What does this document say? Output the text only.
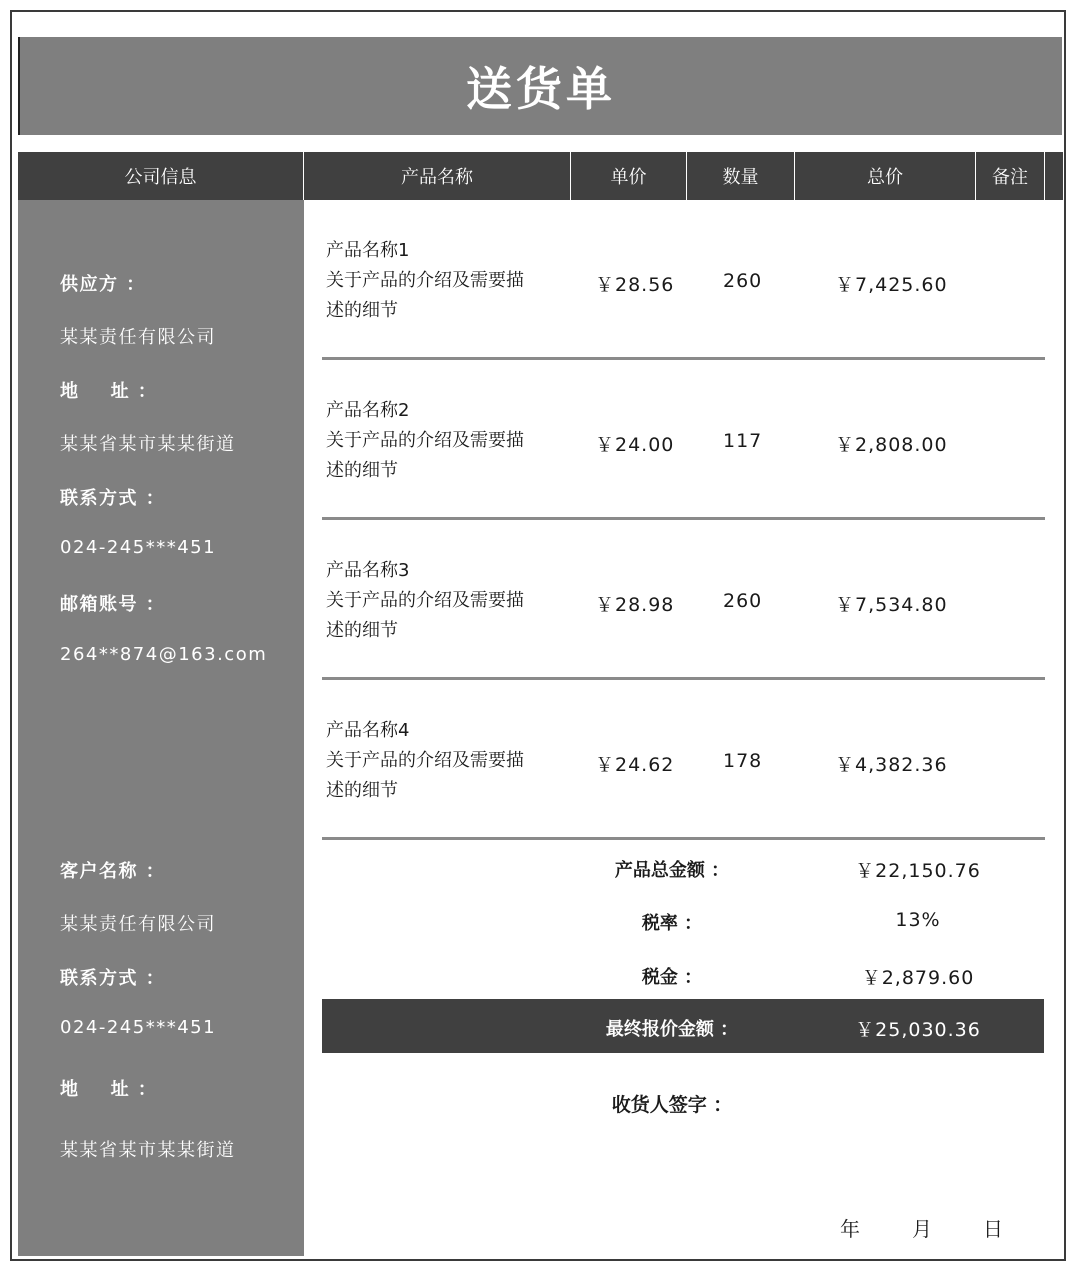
送货单
公司信息	产品名称	单价	数量	总价	备注
供应方 ：
某某责任有限公司
地    址 ：
某某省某市某某街道
联系方式 ：
024-245***451
邮箱账号 ：
264**874@163.com
客户名称 ：
某某责任有限公司
联系方式 ：
024-245***451
地    址 ：
某某省某市某某街道
产品名称1
关于产品的介绍及需要描
述的细节
￥28.56	260	￥7,425.60
产品名称2
关于产品的介绍及需要描
述的细节
￥24.00	117	￥2,808.00
产品名称3
关于产品的介绍及需要描
述的细节
￥28.98	260	￥7,534.80
产品名称4
关于产品的介绍及需要描
述的细节
￥24.62	178	￥4,382.36
产品总金额 ：	￥22,150.76
税率 ：	13%
税金 ：	￥2,879.60
最终报价金额 ：	￥25,030.36
收货人签字 ：
年	月	日
